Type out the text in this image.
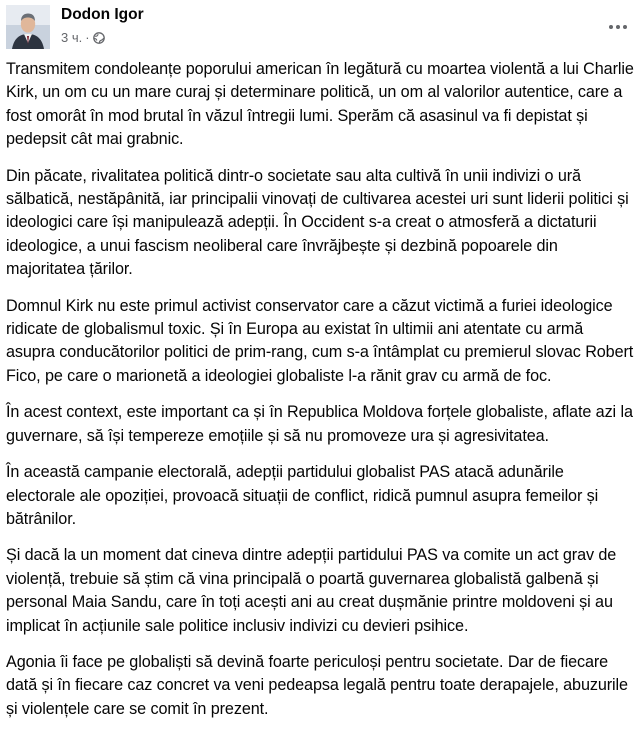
Dodon Igor
3 ч. ·

Transmitem condoleanțe poporului american în legătură cu moartea violentă a lui Charlie Kirk, un om cu un mare curaj și determinare politică, un om al valorilor autentice, care a fost omorât în mod brutal în văzul întregii lumi. Sperăm că asasinul va fi depistat și pedepsit cât mai grabnic.

Din păcate, rivalitatea politică dintr-o societate sau alta cultivă în unii indivizi o ură sălbatică, nestăpânită, iar principalii vinovați de cultivarea acestei uri sunt liderii politici și ideologici care își manipulează adepții. În Occident s-a creat o atmosferă a dictaturii ideologice, a unui fascism neoliberal care învrăjbește și dezbină popoarele din majoritatea țărilor.

Domnul Kirk nu este primul activist conservator care a căzut victimă a furiei ideologice ridicate de globalismul toxic. Și în Europa au existat în ultimii ani atentate cu armă asupra conducătorilor politici de prim-rang, cum s-a întâmplat cu premierul slovac Robert Fico, pe care o marionetă a ideologiei globaliste l-a rănit grav cu armă de foc.

În acest context, este important ca și în Republica Moldova forțele globaliste, aflate azi la guvernare, să își tempereze emoțiile și să nu promoveze ura și agresivitatea.

În această campanie electorală, adepții partidului globalist PAS atacă adunările electorale ale opoziției, provoacă situații de conflict, ridică pumnul asupra femeilor și bătrânilor.

Și dacă la un moment dat cineva dintre adepții partidului PAS va comite un act grav de violență, trebuie să știm că vina principală o poartă guvernarea globalistă galbenă și personal Maia Sandu, care în toți acești ani au creat dușmănie printre moldoveni și au implicat în acțiunile sale politice inclusiv indivizi cu devieri psihice.

Agonia îi face pe globaliști să devină foarte periculoși pentru societate. Dar de fiecare dată și în fiecare caz concret va veni pedeapsa legală pentru toate derapajele, abuzurile și violențele care se comit în prezent.
